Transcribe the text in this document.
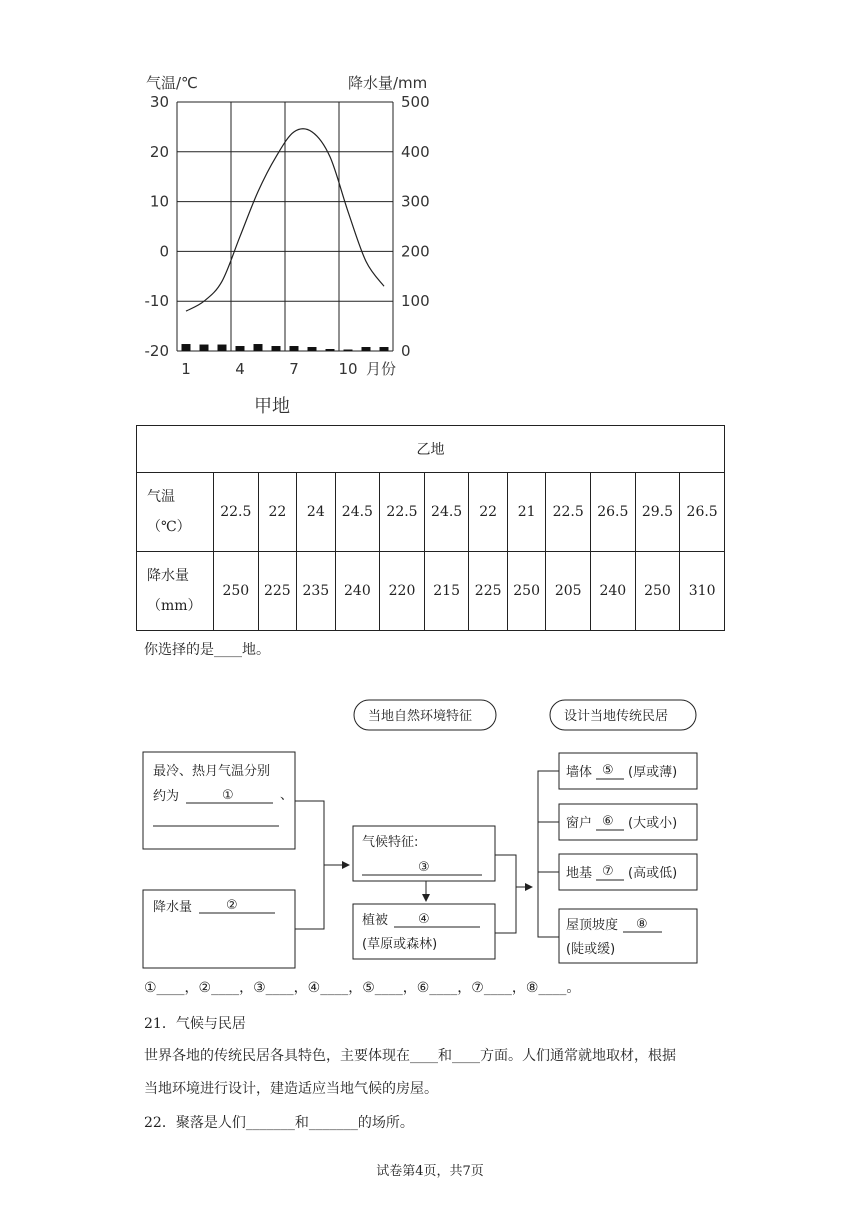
气温/℃	降水量/mm
30
20
10
0
-10
-20
500
400
300
200
100
0
1	4	7	10 月份
甲地
乙地												

气温
（℃）	22.5	22	24	24.5	22.5	24.5	22	21	22.5	26.5	29.5	26.5

降水量
（mm）	250	225	235	240	220	215	225	250	205	240	250	310
你选择的是____地。
当地自然环境特征	设计当地传统民居
最冷、热月气温分别
约为	①	、
降水量	②
气候特征:
③
植被 ④
(草原或森林)
墙体 ⑤ (厚或薄)
窗户 ⑥ (大或小)
地基 ⑦ (高或低)
屋顶坡度 ⑧
(陡或缓)
①____，②____，③____，④____，⑤____，⑥____，⑦____，⑧____。
21．气候与民居
世界各地的传统民居各具特色，主要体现在____和____方面。人们通常就地取材，根据
当地环境进行设计，建造适应当地气候的房屋。
22．聚落是人们_______和_______的场所。
试卷第4页，共7页
